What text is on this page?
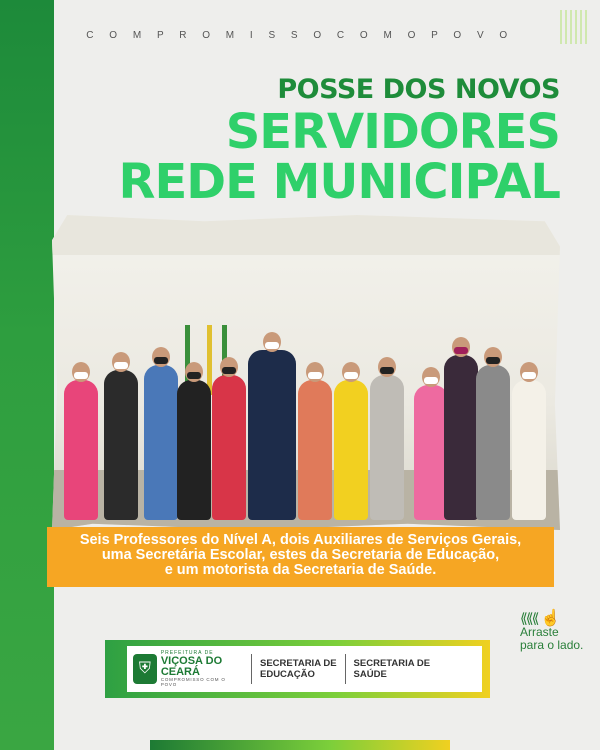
C O M P R O M I S S O C O M O P O V O
POSSE DOS NOVOS
SERVIDORES
REDE MUNICIPAL
Seis Professores do Nível A, dois Auxiliares de Serviços Gerais,
uma Secretária Escolar, estes da Secretaria de Educação,
e um motorista da Secretaria de Saúde.
⟪⟪⟪ ☝
Arraste
para o lado.
⛨
PREFEITURA DE
VIÇOSA DO CEARÁ
COMPROMISSO COM O POVO
SECRETARIA DE
EDUCAÇÃO
SECRETARIA DE
SAÚDE
